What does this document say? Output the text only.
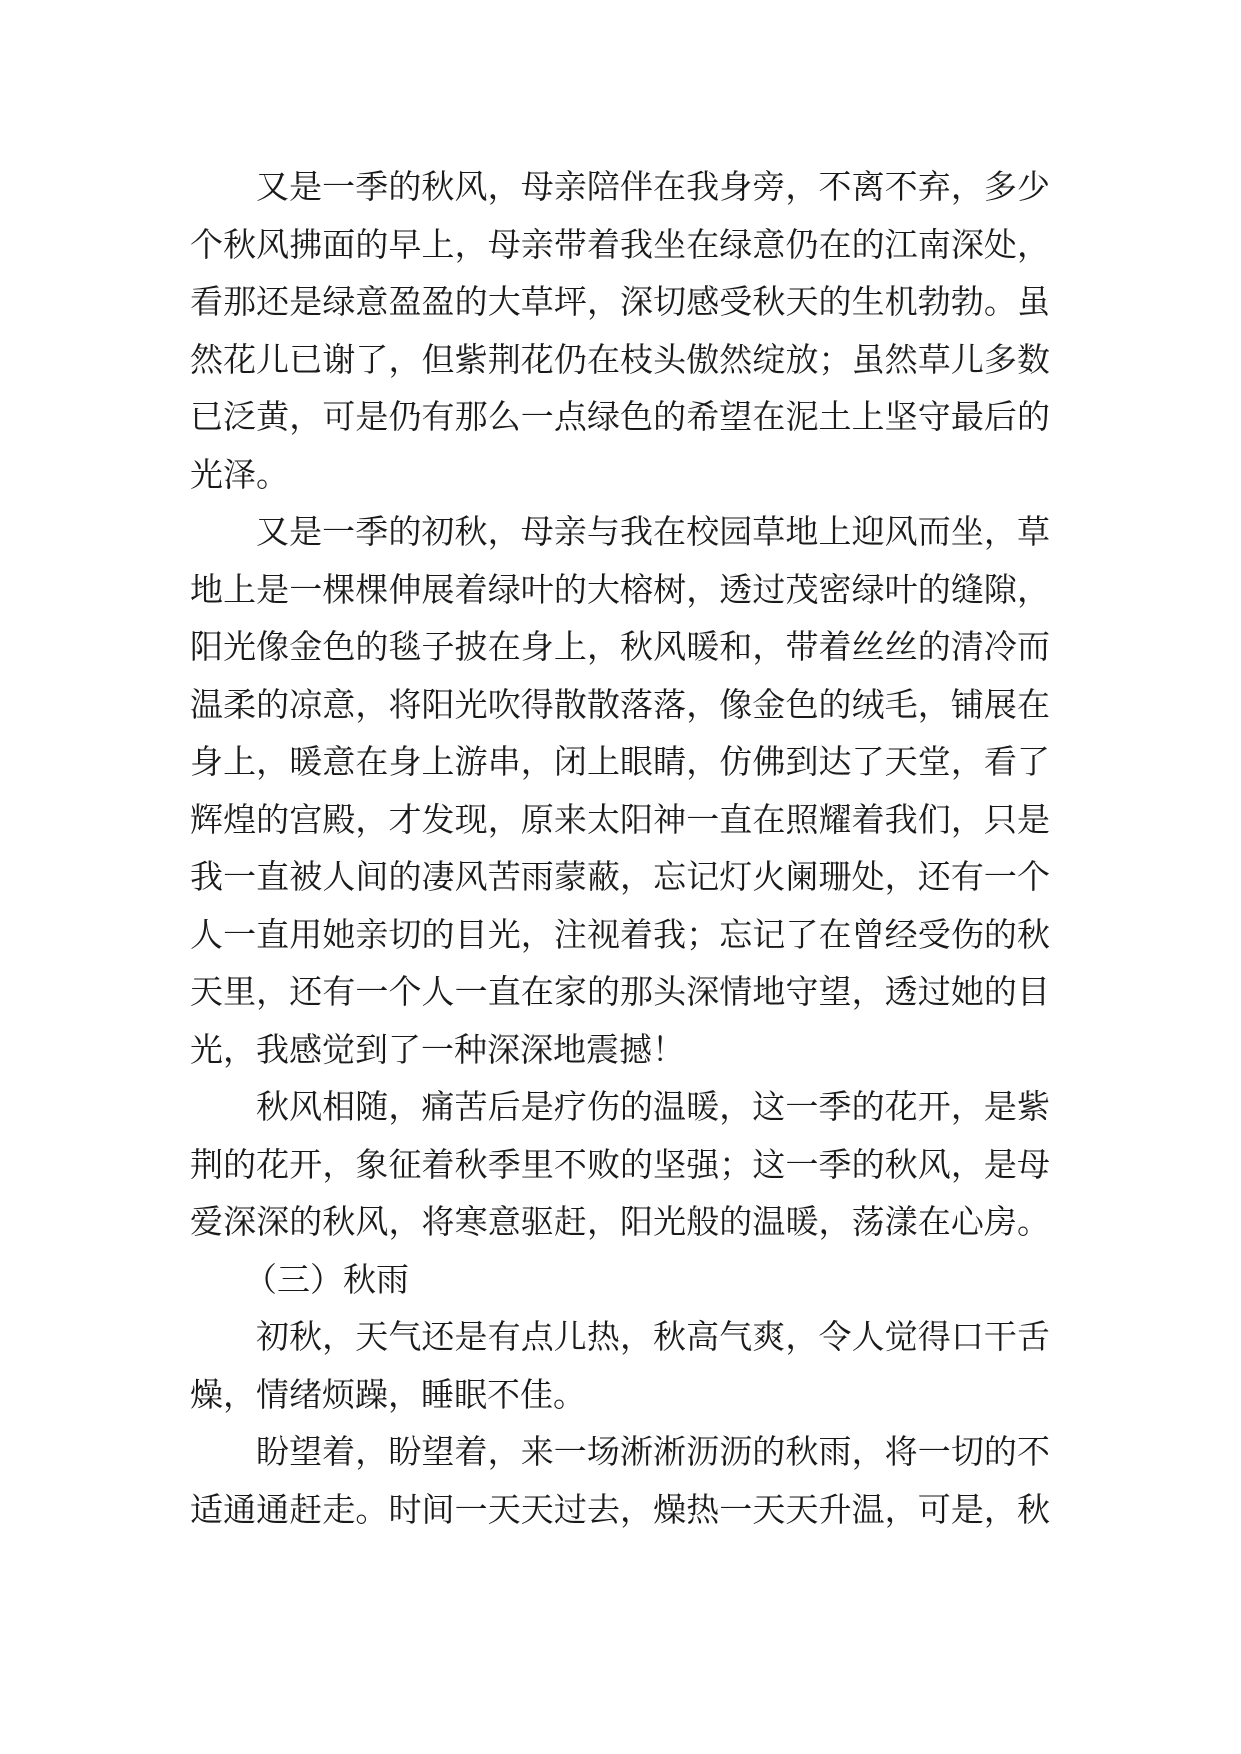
又是一季的秋风，母亲陪伴在我身旁，不离不弃，多少
个秋风拂面的早上，母亲带着我坐在绿意仍在的江南深处，
看那还是绿意盈盈的大草坪，深切感受秋天的生机勃勃。虽
然花儿已谢了，但紫荆花仍在枝头傲然绽放；虽然草儿多数
已泛黄，可是仍有那么一点绿色的希望在泥土上坚守最后的
光泽。
又是一季的初秋，母亲与我在校园草地上迎风而坐，草
地上是一棵棵伸展着绿叶的大榕树，透过茂密绿叶的缝隙，
阳光像金色的毯子披在身上，秋风暖和，带着丝丝的清冷而
温柔的凉意，将阳光吹得散散落落，像金色的绒毛，铺展在
身上，暖意在身上游串，闭上眼睛，仿佛到达了天堂，看了
辉煌的宫殿，才发现，原来太阳神一直在照耀着我们，只是
我一直被人间的凄风苦雨蒙蔽，忘记灯火阑珊处，还有一个
人一直用她亲切的目光，注视着我；忘记了在曾经受伤的秋
天里，还有一个人一直在家的那头深情地守望，透过她的目
光，我感觉到了一种深深地震撼！
秋风相随，痛苦后是疗伤的温暖，这一季的花开，是紫
荆的花开，象征着秋季里不败的坚强；这一季的秋风，是母
爱深深的秋风，将寒意驱赶，阳光般的温暖，荡漾在心房。
（三）秋雨
初秋，天气还是有点儿热，秋高气爽，令人觉得口干舌
燥，情绪烦躁，睡眠不佳。
盼望着，盼望着，来一场淅淅沥沥的秋雨，将一切的不
适通通赶走。时间一天天过去，燥热一天天升温，可是，秋
